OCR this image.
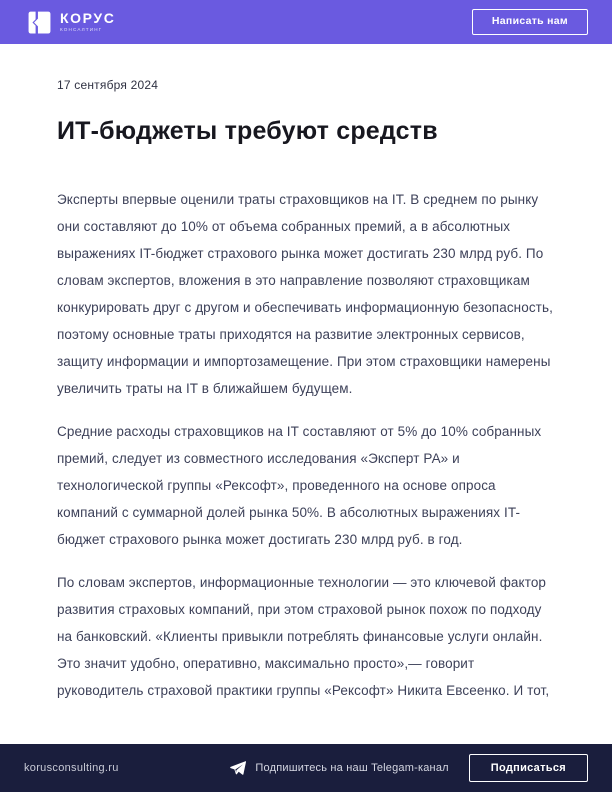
КОРУС
КОНСАЛТИНГ
Написать нам
17 сентября 2024
ИТ-бюджеты требуют средств

Эксперты впервые оценили траты страховщиков на IT. В среднем по рынку они составляют до 10% от объема собранных премий, а в абсолютных выражениях IT-бюджет страхового рынка может достигать 230 млрд руб. По словам экспертов, вложения в это направление позволяют страховщикам конкурировать друг с другом и обеспечивать информационную безопасность, поэтому основные траты приходятся на развитие электронных сервисов, защиту информации и импортозамещение. При этом страховщики намерены увеличить траты на IT в ближайшем будущем.

Средние расходы страховщиков на IT составляют от 5% до 10% собранных премий, следует из совместного исследования «Эксперт РА» и технологической группы «Рексофт», проведенного на основе опроса компаний с суммарной долей рынка 50%. В абсолютных выражениях IT-бюджет страхового рынка может достигать 230 млрд руб. в год.

По словам экспертов, информационные технологии — это ключевой фактор развития страховых компаний, при этом страховой рынок похож по подходу на банковский. «Клиенты привыкли потреблять финансовые услуги онлайн. Это значит удобно, оперативно, максимально просто»,— говорит руководитель страховой практики группы «Рексофт» Никита Евсеенко. И тот,

korusconsulting.ru	Подпишитесь на наш Telegam-канал	Подписаться
